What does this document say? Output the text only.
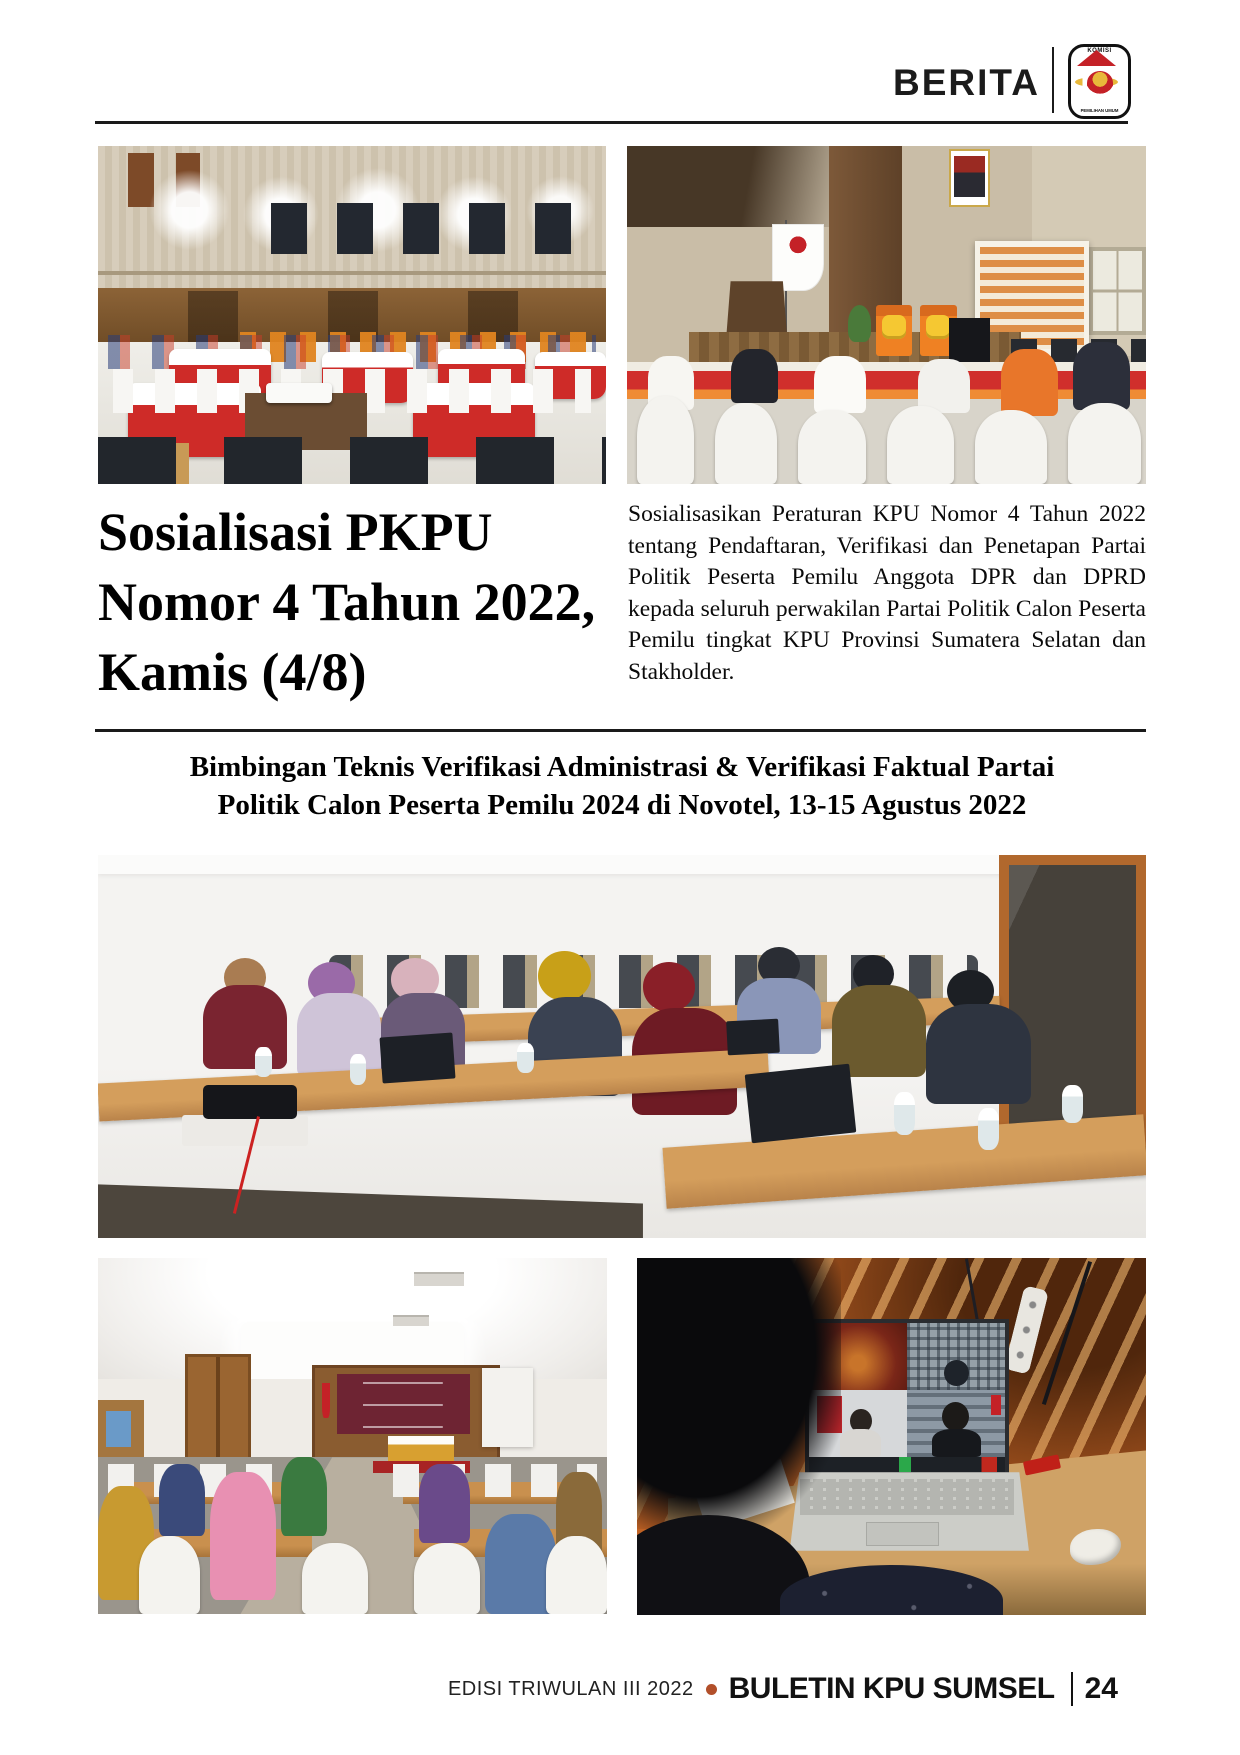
BERITA
KOMISI
PEMILIHAN UMUM
Sosialisasi PKPU
Nomor 4 Tahun 2022,
Kamis (4/8)
Sosialisasikan Peraturan KPU Nomor 4 Tahun 2022 tentang Pendaftaran, Verifikasi dan Penetapan Partai Politik Peserta Pemilu Anggota DPR dan DPRD kepada seluruh perwakilan Partai Politik Calon Peserta Pemilu tingkat KPU Provinsi Sumatera Selatan dan Stakholder.
Bimbingan Teknis Verifikasi Administrasi & Verifikasi Faktual Partai
Politik Calon Peserta Pemilu 2024 di Novotel, 13-15 Agustus 2022
EDISI TRIWULAN III 2022 BULETIN KPU SUMSEL 24
